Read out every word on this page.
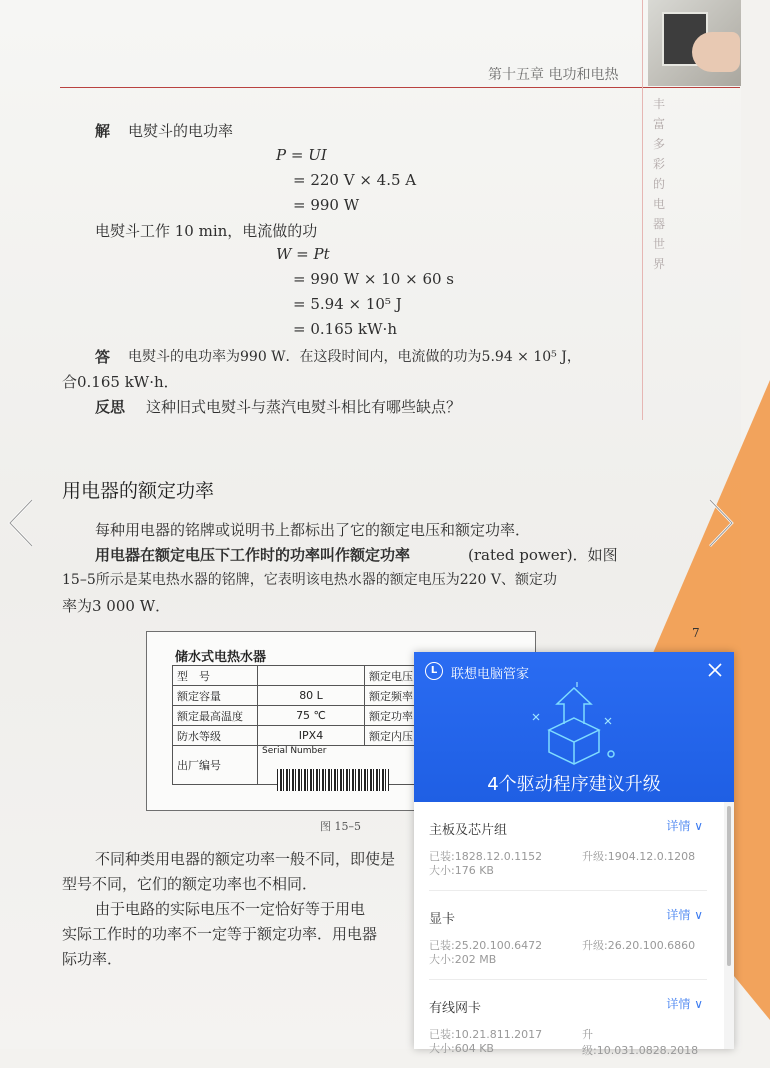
第十五章 电功和电热
丰
富
多
彩
的
电
器
世
界
解 电熨斗的电功率
P = UI
= 220 V × 4.5 A
= 990 W
电熨斗工作 10 min，电流做的功
W = Pt
= 990 W × 10 × 60 s
= 5.94 × 10⁵ J
= 0.165 kW·h
答 电熨斗的电功率为990 W．在这段时间内，电流做的功为5.94 × 10⁵ J，
合0.165 kW·h．
反思 这种旧式电熨斗与蒸汽电熨斗相比有哪些缺点？
用电器的额定功率
每种用电器的铭牌或说明书上都标出了它的额定电压和额定功率．
用电器在额定电压下工作时的功率叫作额定功率	(rated power)．如图
15–5所示是某电热水器的铭牌，它表明该电热水器的额定电压为220 V、额定功
率为3 000 W．
储水式电热水器
型　号		额定电压
额定容量	80 L	额定频率
额定最高温度	75 ℃	额定功率
防水等级	IPX4	额定内压
出厂编号	Serial Number	
图 15–5
不同种类用电器的额定功率一般不同，即使是
型号不同，它们的额定功率也不相同．
由于电路的实际电压不一定恰好等于用电
实际工作时的功率不一定等于额定功率．用电器
际功率．
7
L	联想电脑管家
4个驱动程序建议升级
主板及芯片组	详情 ∨
已装:1828.12.0.1152	升级:1904.12.0.1208
大小:176 KB
显卡	详情 ∨
已装:25.20.100.6472	升级:26.20.100.6860
大小:202 MB
有线网卡	详情 ∨
已装:10.21.811.2017	升级:10.031.0828.2018
大小:604 KB
